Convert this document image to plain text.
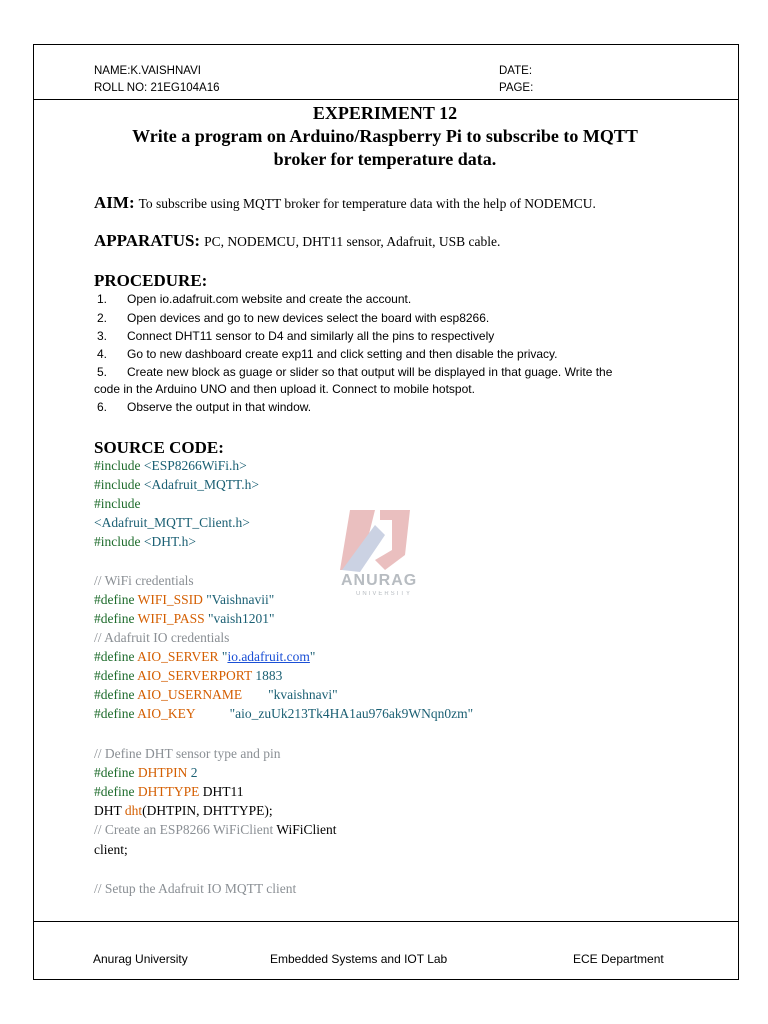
NAME:K.VAISHNAVI
ROLL NO: 21EG104A16
DATE:
PAGE:
EXPERIMENT 12
Write a program on Arduino/Raspberry Pi to subscribe to MQTT
broker for temperature data.
AIM: To subscribe using MQTT broker for temperature data with the help of NODEMCU.
APPARATUS: PC, NODEMCU, DHT11 sensor, Adafruit, USB cable.
PROCEDURE:
1. Open io.adafruit.com website and create the account.
2. Open devices and go to new devices select the board with esp8266.
3. Connect DHT11 sensor to D4 and similarly all the pins to respectively
4. Go to new dashboard create exp11 and click setting and then disable the privacy.
5. Create new block as guage or slider so that output will be displayed in that guage. Write the
code in the Arduino UNO and then upload it. Connect to mobile hotspot.
6. Observe the output in that window.
SOURCE CODE:
ANURAG
UNIVERSITY
#include <ESP8266WiFi.h>
#include <Adafruit_MQTT.h>
#include
<Adafruit_MQTT_Client.h>
#include <DHT.h>
// WiFi credentials
#define WIFI_SSID "Vaishnavii"
#define WIFI_PASS "vaish1201"
// Adafruit IO credentials
#define AIO_SERVER "io.adafruit.com"
#define AIO_SERVERPORT 1883
#define AIO_USERNAME "kvaishnavi"
#define AIO_KEY	"aio_zuUk213Tk4HA1au976ak9WNqn0zm"
// Define DHT sensor type and pin
#define DHTPIN 2
#define DHTTYPE DHT11
DHT dht(DHTPIN, DHTTYPE);
// Create an ESP8266 WiFiClient WiFiClient
client;
// Setup the Adafruit IO MQTT client
Anurag University	Embedded Systems and IOT Lab	ECE Department
